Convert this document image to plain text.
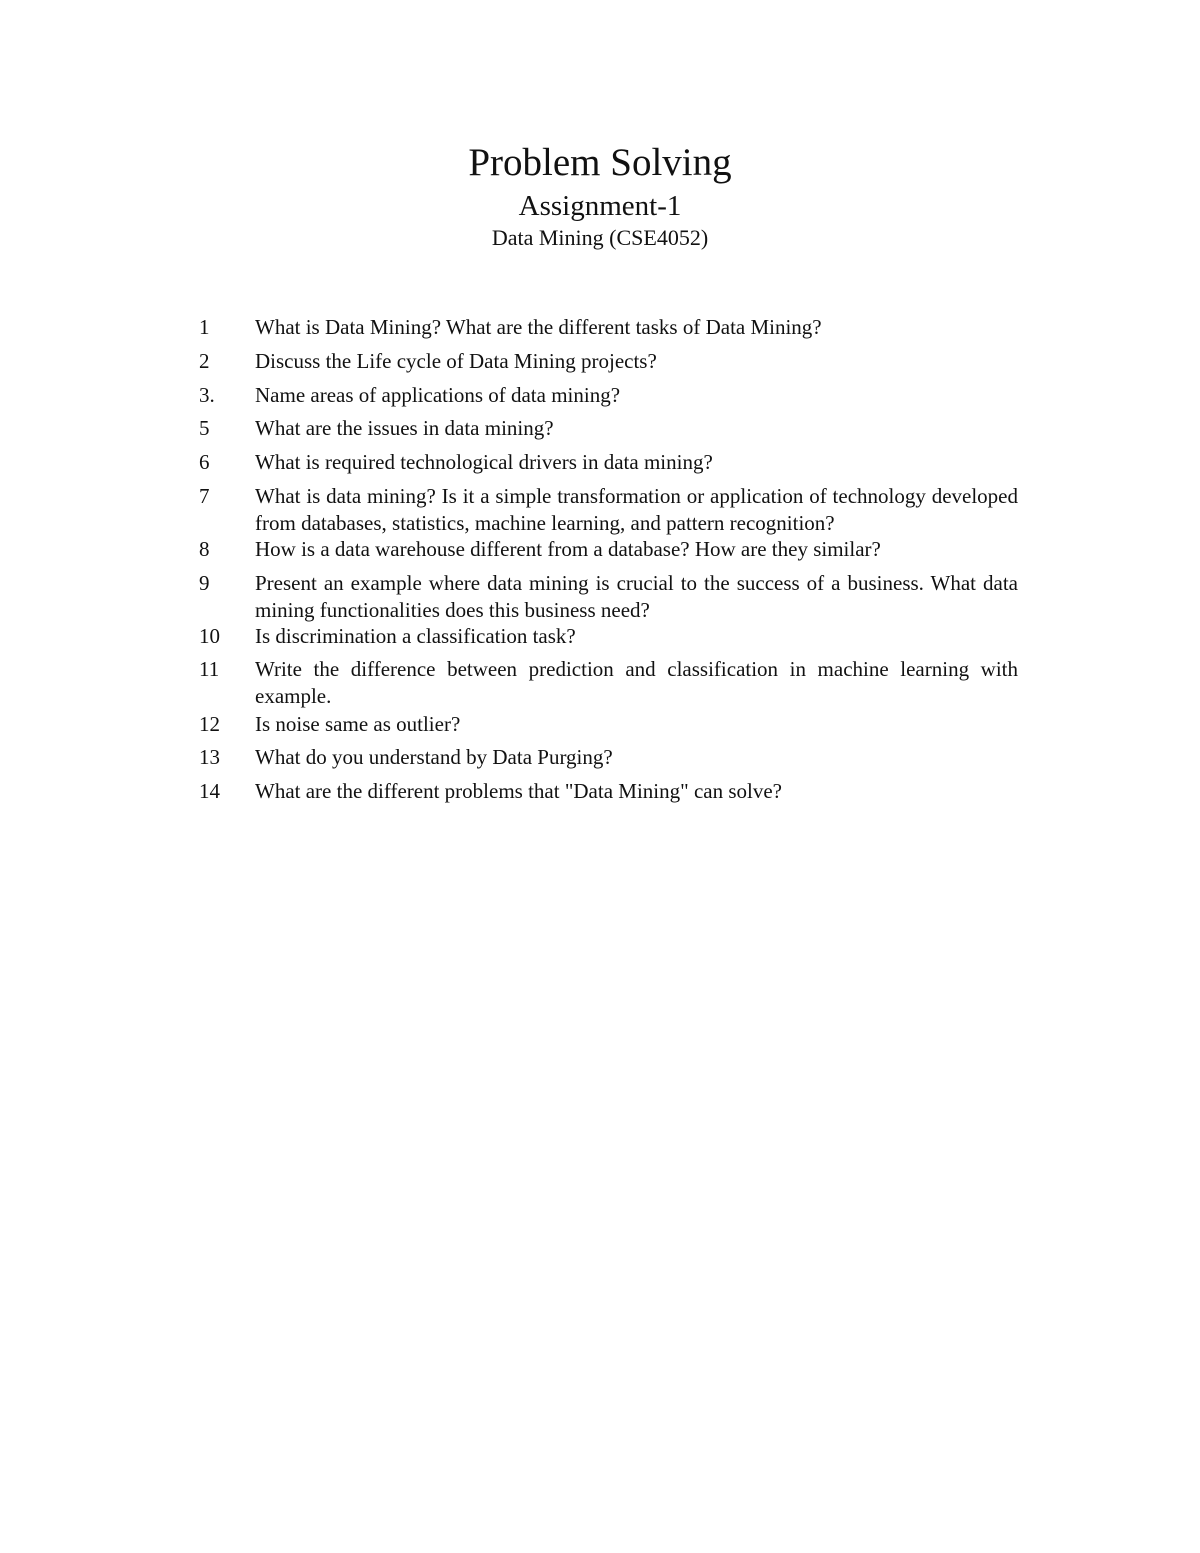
Problem Solving
Assignment-1
Data Mining (CSE4052)
1	What is Data Mining? What are the different tasks of Data Mining?
2	Discuss the Life cycle of Data Mining projects?
3.	Name areas of applications of data mining?
5	What are the issues in data mining?
6	What is required technological drivers in data mining?
7	What is data mining? Is it a simple transformation or application of technology developed from databases, statistics, machine learning, and pattern recognition?
8	How is a data warehouse different from a database? How are they similar?
9	Present an example where data mining is crucial to the success of a business. What data mining functionalities does this business need?
10	Is discrimination a classification task?
11	Write the difference between prediction and classification in machine learning with example.
12	Is noise same as outlier?
13	What do you understand by Data Purging?
14	What are the different problems that "Data Mining" can solve?
